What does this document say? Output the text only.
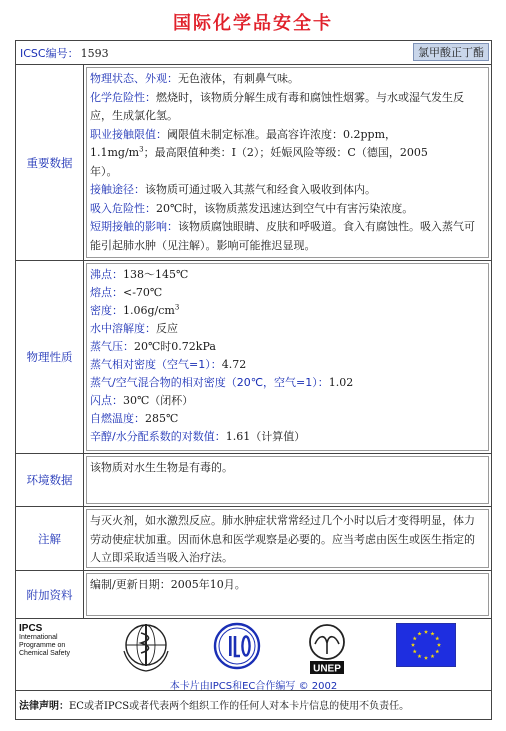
国际化学品安全卡
ICSC编号： 1593	氯甲酸正丁酯
重要数据
物理状态、外观：无色液体，有刺鼻气味。
化学危险性：燃烧时，该物质分解生成有毒和腐蚀性烟雾。与水或湿气发生反应，生成氯化氢。
职业接触限值：阈限值未制定标准。最高容许浓度：0.2ppm，
$1.1mg/m^3$；最高限值种类：I（2）；妊娠风险等级：C（德国，2005
年）。
接触途径：该物质可通过吸入其蒸气和经食入吸收到体内。
吸入危险性：20℃时，该物质蒸发迅速达到空气中有害污染浓度。
短期接触的影响：该物质腐蚀眼睛、皮肤和呼吸道。食入有腐蚀性。吸入蒸气可能引起肺水肿（见注解）。影响可能推迟显现。
物理性质
沸点：138～145℃
熔点：<-70℃
密度：$1.06g/cm^3$
水中溶解度：反应
蒸气压：20℃时0.72kPa
蒸气相对密度（空气=1）：4.72
蒸气/空气混合物的相对密度（20℃，空气=1）：1.02
闪点：30℃（闭杯）
自燃温度：285℃
辛醇/水分配系数的对数值：1.61（计算值）
环境数据
该物质对水生生物是有毒的。
注解
与灭火剂，如水激烈反应。肺水肿症状常常经过几个小时以后才变得明显，体力劳动使症状加重。因而休息和医学观察是必要的。应当考虑由医生或医生指定的人立即采取适当吸入治疗法。
附加资料
编制/更新日期：2005年10月。
IPCS
International
Programme on
Chemical Safety
UNEP
本卡片由IPCS和EC合作编写 © 2002
法律声明：EC或者IPCS或者代表两个组织工作的任何人对本卡片信息的使用不负责任。
